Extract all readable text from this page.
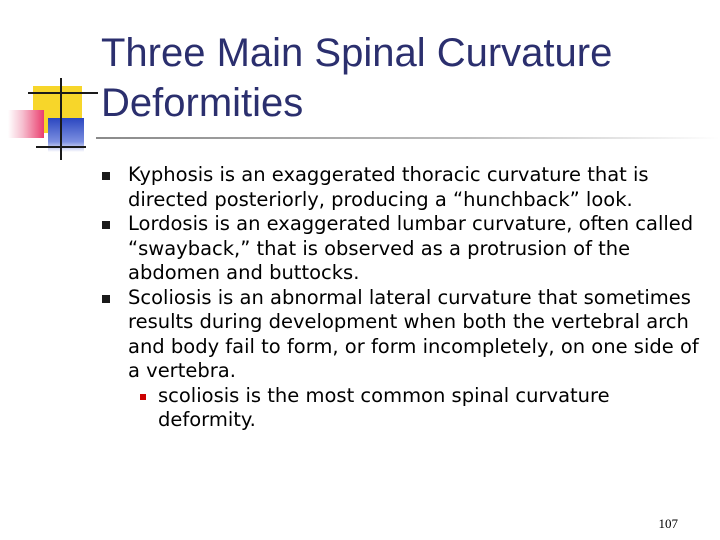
Three Main Spinal Curvature Deformities
Kyphosis is an exaggerated thoracic curvature that is directed posteriorly, producing a “hunchback” look.
Lordosis is an exaggerated lumbar curvature, often called “swayback,” that is observed as a protrusion of the abdomen and buttocks.
Scoliosis is an abnormal lateral curvature that sometimes results during development when both the vertebral arch and body fail to form, or form incompletely, on one side of a vertebra.
scoliosis is the most common spinal curvature deformity.
107
